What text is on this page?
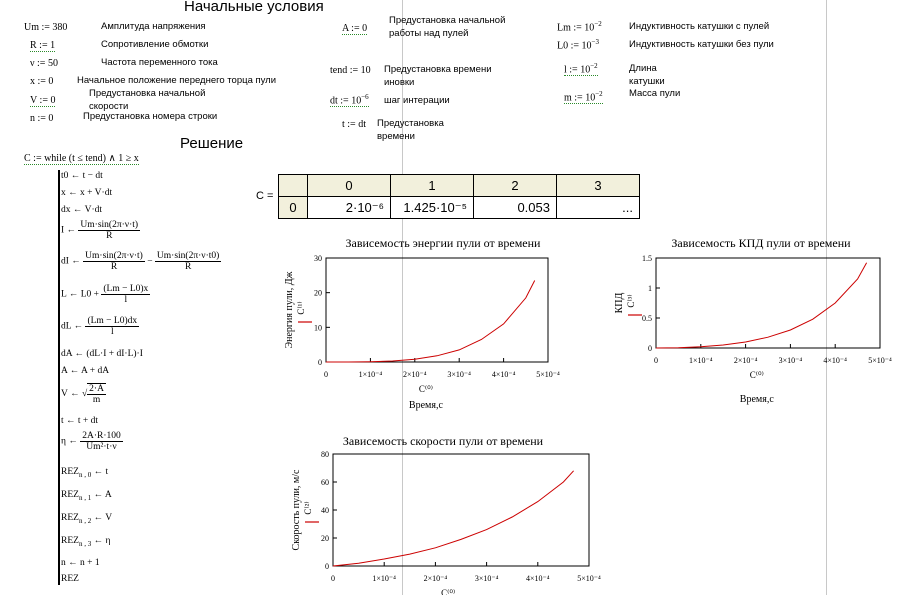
Начальные условия
Решение
Um := 380	Амплитуда напряжения
R := 1	Сопротивление обмотки
ν := 50	Частота переменного тока
x := 0 Начальное положение переднего торца пули
V := 0
Предустановка начальной скорости
n := 0	Предустановка номера строки
A := 0
Предустановка начальной работы над пулей
tend := 10 Предустановка времени иновки
dt := $10^{-6}$ шаг интерации
t := dt Предустановка времени
Lm := $10^{-2}$	Индуктивность катушки с пулей
L0 := $10^{-3}$	Индуктивность катушки без пули
l := $10^{-2}$	Длина катушки
m := $10^{-2}$	Масса пули
C := while (t ≤ tend) ∧ 1 ≥ x
t0 ← t − dt
x ← x + V·dt
dx ← V·dt
I ← $\frac{Um\cdot\sin(2\pi\cdot\nu\cdot t)}{R}$
dI ← $\frac{Um\cdot\sin(2\pi\cdot\nu\cdot t)}{R} - \frac{Um\cdot\sin(2\pi\cdot\nu\cdot t0)}{R}$
L ← $L0 + \frac{(Lm - L0)x}{l}$
dL ← $\frac{(Lm - L0)dx}{l}$
dA ← (dL·I + dI·L)·I
A ← A + dA
V ← √ $\frac{2\cdot A}{m}$
t ← t + dt
η ← $\frac{2A\cdot R\cdot 100}{\text{Um²·t·ν}}$
$REZ_{n , 0}$ ← t
$REZ_{n , 1}$ ← A
$REZ_{n , 2}$ ← V
$REZ_{n , 3}$ ← η
n ← n + 1
REZ
C =
	0	1	2	3
0	2·10⁻⁶	1.425·10⁻⁵	0.053	...
Зависемость энергии пули от времени
0
10
20
30
0	1×10⁻⁴	2×10⁻⁴	3×10⁻⁴	4×10⁻⁴	5×10⁻⁴
Энергия пули, Дж C⁽¹⁾
C⁽⁰⁾
Время,с
Зависемость КПД пули от времени
0
0.5
1
1.5
0	1×10⁻⁴	2×10⁻⁴	3×10⁻⁴	4×10⁻⁴	5×10⁻⁴
КПД C⁽³⁾
C⁽⁰⁾
Время,с
Зависемость скорости пули от времени
0
20
40
60
80
0	1×10⁻⁴	2×10⁻⁴	3×10⁻⁴	4×10⁻⁴	5×10⁻⁴
Скорость пули, м/с C⁽²⁾
C⁽⁰⁾
